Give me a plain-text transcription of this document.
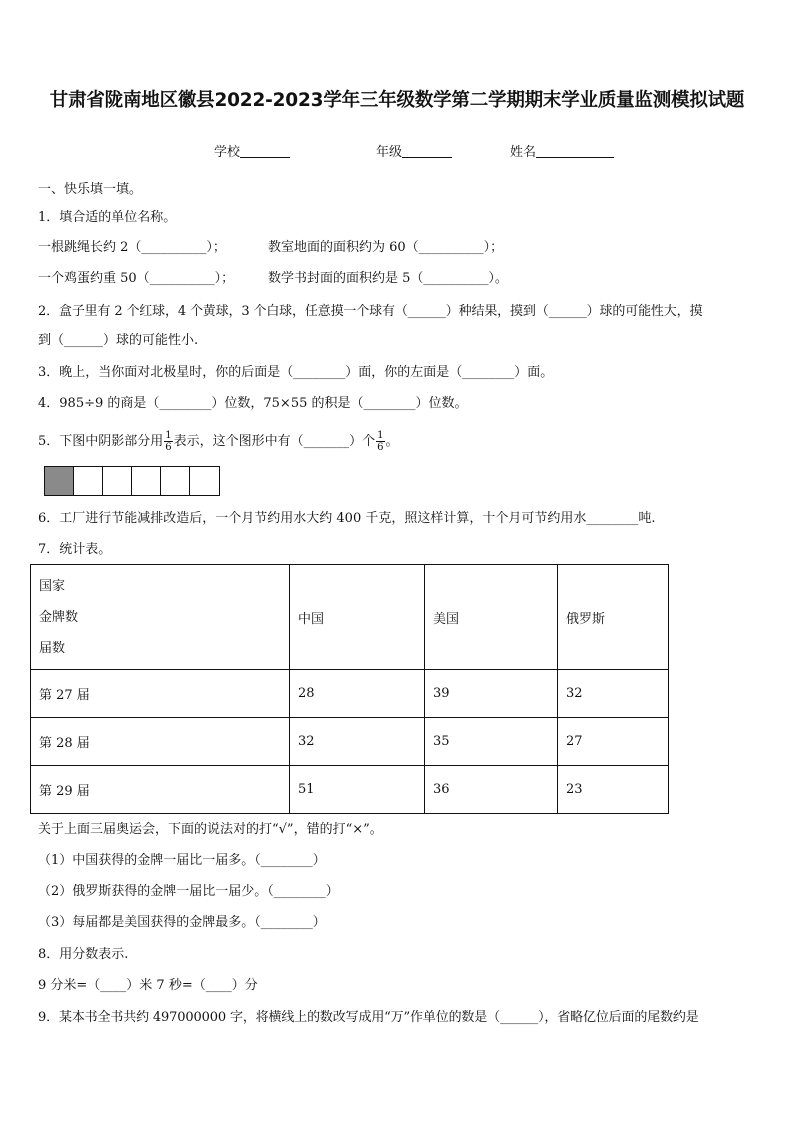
甘肃省陇南地区徽县2022-2023学年三年级数学第二学期期末学业质量监测模拟试题
学校	年级	姓名
一、快乐填一填。
1．填合适的单位名称。
一根跳绳长约 2（__________）；	教室地面的面积约为 60（__________）；
一个鸡蛋约重 50（__________）；	数学书封面的面积约是 5（__________）。
2．盒子里有 2 个红球，4 个黄球，3 个白球，任意摸一个球有（______）种结果，摸到（______）球的可能性大，摸
到（______）球的可能性小.
3．晚上，当你面对北极星时，你的后面是（________）面，你的左面是（________）面。
4．985÷9 的商是（________）位数，75×55 的积是（________）位数。
5．下图中阴影部分用 $\frac{1}{6}$ 表示，这个图形中有（_______）个 $\frac{1}{6}$ 。
6．工厂进行节能减排改造后，一个月节约用水大约 400 千克，照这样计算，十个月可节约用水________吨.
7．统计表。
国家
金牌数
届数	中国	美国	俄罗斯
第 27 届	28	39	32
第 28 届	32	35	27
第 29 届	51	36	23
关于上面三届奥运会，下面的说法对的打“√”，错的打“×”。
（1）中国获得的金牌一届比一届多。（________）
（2）俄罗斯获得的金牌一届比一届少。（________）
（3）每届都是美国获得的金牌最多。（________）
8．用分数表示.
9 分米=（____）米 7 秒=（____）分
9．某本书全书共约 497000000 字，将横线上的数改写成用“万”作单位的数是（______），省略亿位后面的尾数约是
